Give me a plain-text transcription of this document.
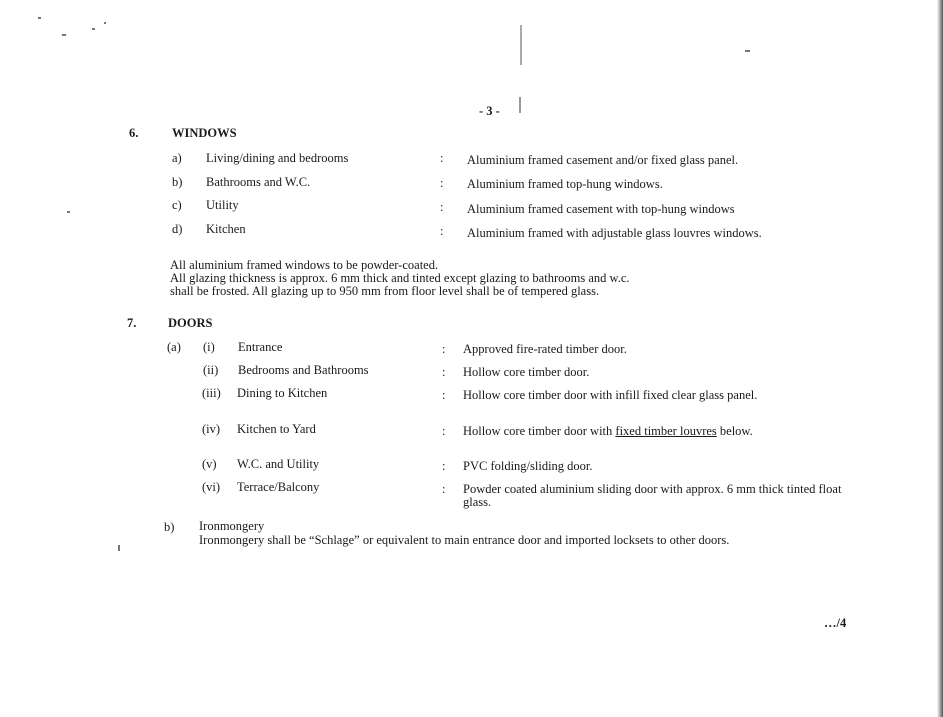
- 3 -
6.	WINDOWS
a) Living/dining and bedrooms	: Aluminium framed casement and/or fixed glass panel.
b) Bathrooms and W.C.	: Aluminium framed top-hung windows.
c) Utility	: Aluminium framed casement with top-hung windows
d) Kitchen	: Aluminium framed with adjustable glass louvres windows.
All aluminium framed windows to be powder-coated.
All glazing thickness is approx. 6 mm thick and tinted except glazing to bathrooms and w.c.
shall be frosted. All glazing up to 950 mm from floor level shall be of tempered glass.
7.	DOORS
(a) (i) Entrance	: Approved fire-rated timber door.
(ii) Bedrooms and Bathrooms	: Hollow core timber door.
(iii) Dining to Kitchen	: Hollow core timber door with infill fixed clear glass panel.
(iv) Kitchen to Yard	: Hollow core timber door with fixed timber louvres below.
(v) W.C. and Utility	: PVC folding/sliding door.
(vi) Terrace/Balcony	: Powder coated aluminium sliding door with approx. 6 mm thick tinted float glass.
b) Ironmongery
Ironmongery shall be “Schlage” or equivalent to main entrance door and imported locksets to other doors.
…/4
